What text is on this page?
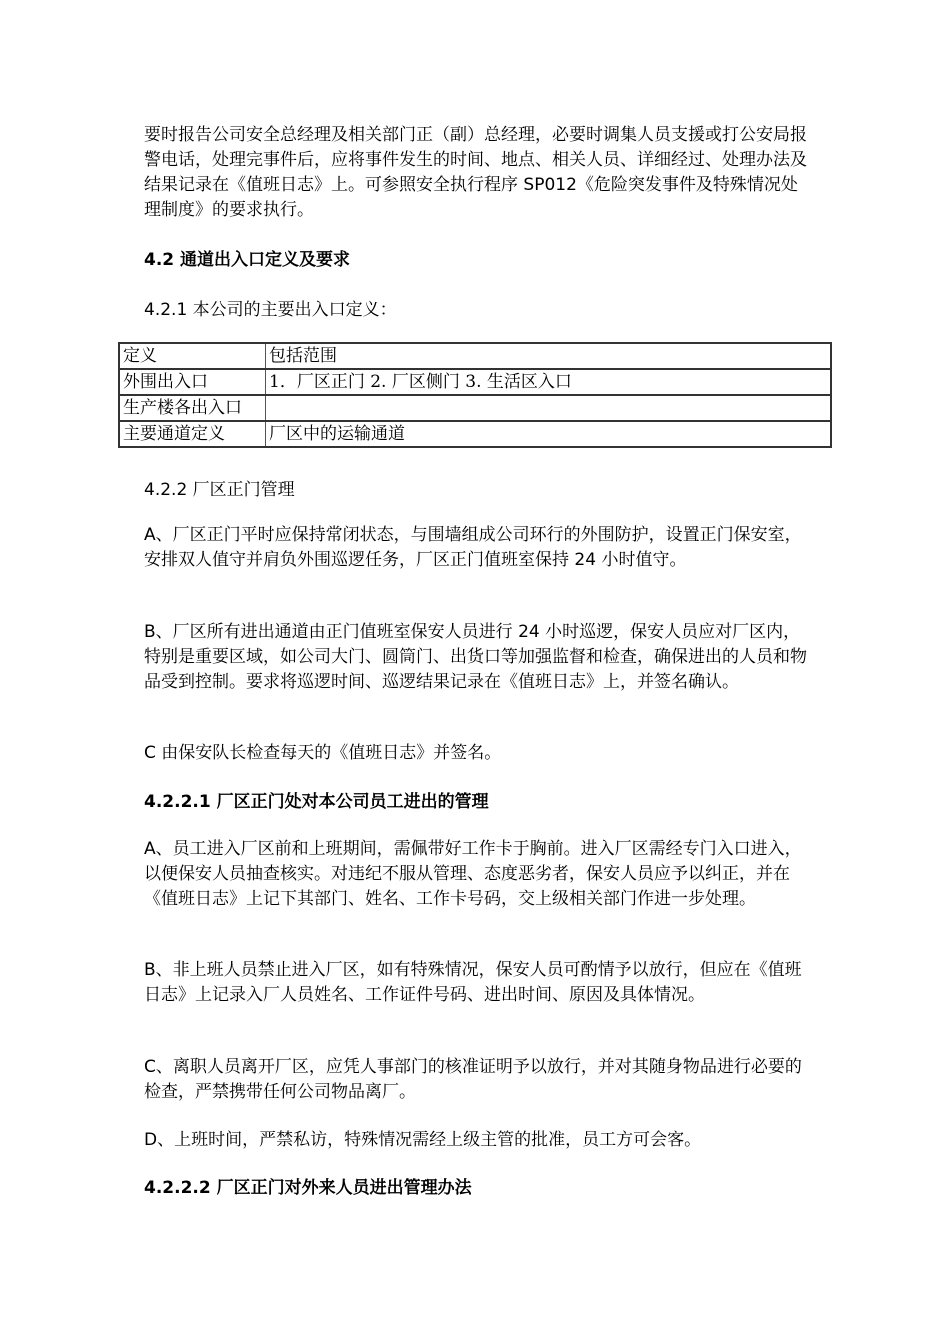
要时报告公司安全总经理及相关部门正（副）总经理，必要时调集人员支援或打公安局报警电话，处理完事件后，应将事件发生的时间、地点、相关人员、详细经过、处理办法及结果记录在《值班日志》上。可参照安全执行程序 SP012《危险突发事件及特殊情况处理制度》的要求执行。

4.2 通道出入口定义及要求

4.2.1 本公司的主要出入口定义：

定义	包括范围
外围出入口	1．厂区正门 2. 厂区侧门 3. 生活区入口
生产楼各出入口	
主要通道定义	厂区中的运输通道

4.2.2 厂区正门管理

A、厂区正门平时应保持常闭状态，与围墙组成公司环行的外围防护，设置正门保安室，安排双人值守并肩负外围巡逻任务，厂区正门值班室保持 24 小时值守。

B、厂区所有进出通道由正门值班室保安人员进行 24 小时巡逻，保安人员应对厂区内，特别是重要区域，如公司大门、圆筒门、出货口等加强监督和检查，确保进出的人员和物品受到控制。要求将巡逻时间、巡逻结果记录在《值班日志》上，并签名确认。

C 由保安队长检查每天的《值班日志》并签名。

4.2.2.1 厂区正门处对本公司员工进出的管理

A、员工进入厂区前和上班期间，需佩带好工作卡于胸前。进入厂区需经专门入口进入，以便保安人员抽查核实。对违纪不服从管理、态度恶劣者，保安人员应予以纠正，并在《值班日志》上记下其部门、姓名、工作卡号码，交上级相关部门作进一步处理。

B、非上班人员禁止进入厂区，如有特殊情况，保安人员可酌情予以放行，但应在《值班日志》上记录入厂人员姓名、工作证件号码、进出时间、原因及具体情况。

C、离职人员离开厂区，应凭人事部门的核准证明予以放行，并对其随身物品进行必要的检查，严禁携带任何公司物品离厂。

D、上班时间，严禁私访，特殊情况需经上级主管的批准，员工方可会客。

4.2.2.2 厂区正门对外来人员进出管理办法
